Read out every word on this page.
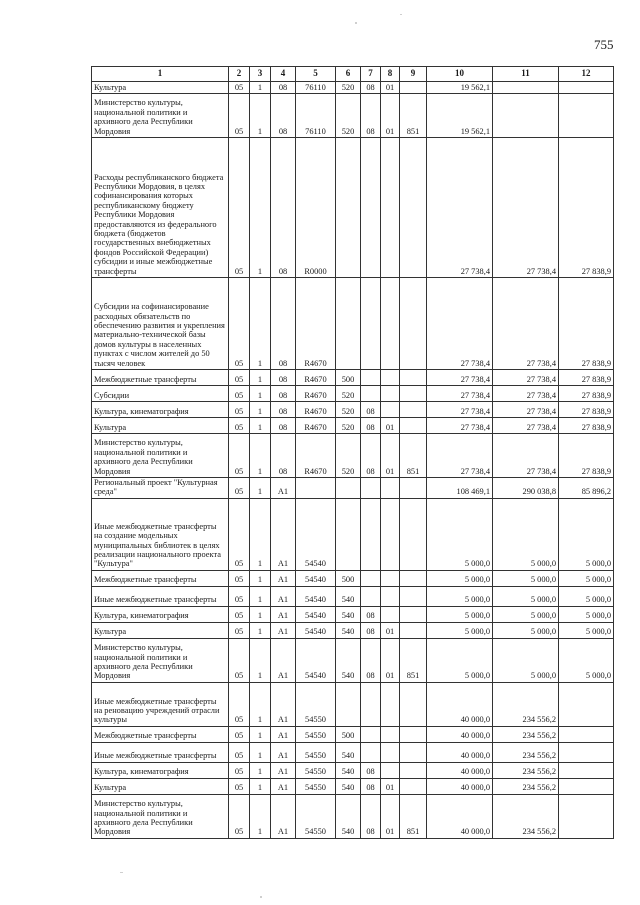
755
1	2	3	4	5	6	7	8	9	10	11	12
Культура	05	1	08	76110	520	08	01		19 562,1		
Министерство культуры, национальной политики и архивного дела Республики Мордовия	05	1	08	76110	520	08	01	851	19 562,1		
Расходы республиканского бюджета Республики Мордовия, в целях софинансирования которых республиканскому бюджету Республики Мордовия предоставляются из федерального бюджета (бюджетов государственных внебюджетных фондов Российской Федерации) субсидии и иные межбюджетные трансферты	05	1	08	R0000					27 738,4	27 738,4	27 838,9
Субсидии на софинансирование расходных обязательств по обеспечению развития и укрепления материально-технической базы домов культуры в населенных пунктах с числом жителей до 50 тысяч человек	05	1	08	R4670					27 738,4	27 738,4	27 838,9
Межбюджетные трансферты	05	1	08	R4670	500				27 738,4	27 738,4	27 838,9
Субсидии	05	1	08	R4670	520				27 738,4	27 738,4	27 838,9
Культура, кинематография	05	1	08	R4670	520	08			27 738,4	27 738,4	27 838,9
Культура	05	1	08	R4670	520	08	01		27 738,4	27 738,4	27 838,9
Министерство культуры, национальной политики и архивного дела Республики Мордовия	05	1	08	R4670	520	08	01	851	27 738,4	27 738,4	27 838,9
Региональный проект "Культурная среда"	05	1	A1						108 469,1	290 038,8	85 896,2
Иные межбюджетные трансферты на создание модельных муниципальных библиотек в целях реализации национального проекта "Культура"	05	1	A1	54540					5 000,0	5 000,0	5 000,0
Межбюджетные трансферты	05	1	A1	54540	500				5 000,0	5 000,0	5 000,0
Иные межбюджетные трансферты	05	1	A1	54540	540				5 000,0	5 000,0	5 000,0
Культура, кинематография	05	1	A1	54540	540	08			5 000,0	5 000,0	5 000,0
Культура	05	1	A1	54540	540	08	01		5 000,0	5 000,0	5 000,0
Министерство культуры, национальной политики и архивного дела Республики Мордовия	05	1	A1	54540	540	08	01	851	5 000,0	5 000,0	5 000,0
Иные межбюджетные трансферты на реновацию учреждений отрасли культуры	05	1	A1	54550					40 000,0	234 556,2	
Межбюджетные трансферты	05	1	A1	54550	500				40 000,0	234 556,2	
Иные межбюджетные трансферты	05	1	A1	54550	540				40 000,0	234 556,2	
Культура, кинематография	05	1	A1	54550	540	08			40 000,0	234 556,2	
Культура	05	1	A1	54550	540	08	01		40 000,0	234 556,2	
Министерство культуры, национальной политики и архивного дела Республики Мордовия	05	1	A1	54550	540	08	01	851	40 000,0	234 556,2	
